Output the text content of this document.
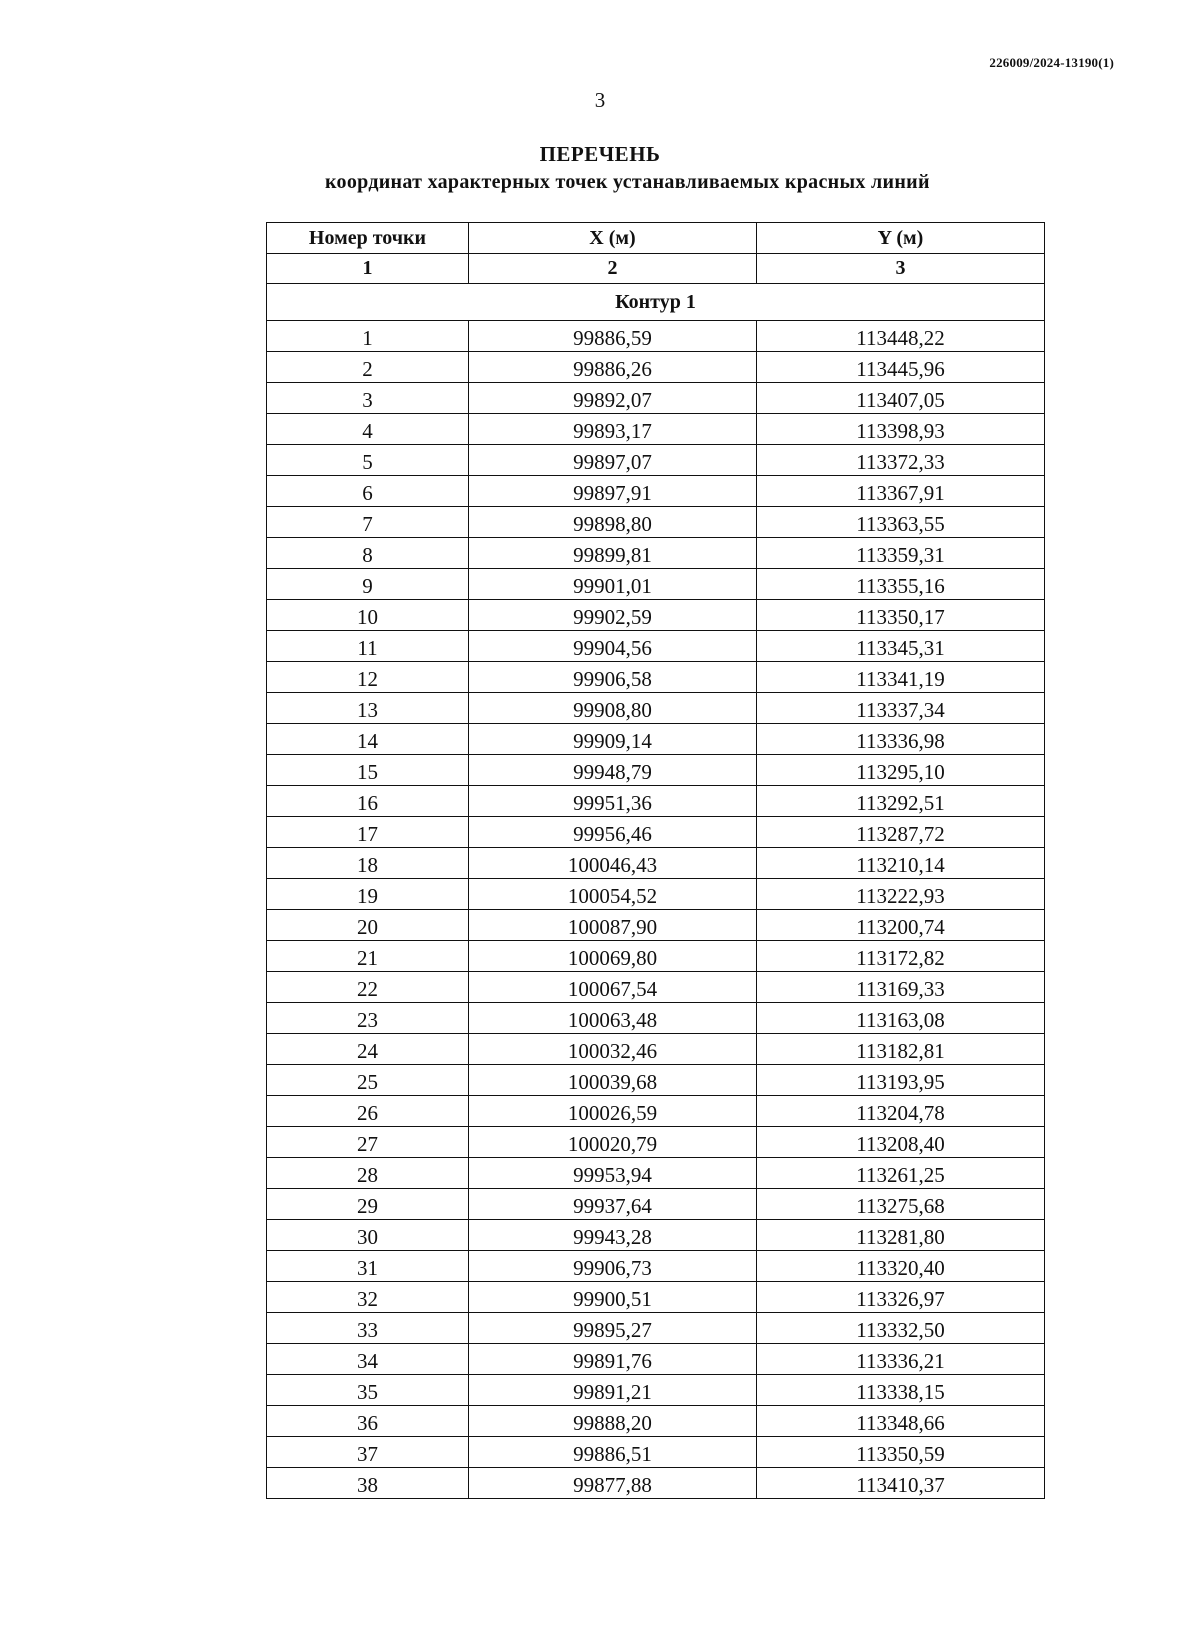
226009/2024-13190(1)
3
ПЕРЕЧЕНЬ
координат характерных точек устанавливаемых красных линий
Номер точки	X (м)	Y (м)
1	2	3
Контур 1		
1	99886,59	113448,22
2	99886,26	113445,96
3	99892,07	113407,05
4	99893,17	113398,93
5	99897,07	113372,33
6	99897,91	113367,91
7	99898,80	113363,55
8	99899,81	113359,31
9	99901,01	113355,16
10	99902,59	113350,17
11	99904,56	113345,31
12	99906,58	113341,19
13	99908,80	113337,34
14	99909,14	113336,98
15	99948,79	113295,10
16	99951,36	113292,51
17	99956,46	113287,72
18	100046,43	113210,14
19	100054,52	113222,93
20	100087,90	113200,74
21	100069,80	113172,82
22	100067,54	113169,33
23	100063,48	113163,08
24	100032,46	113182,81
25	100039,68	113193,95
26	100026,59	113204,78
27	100020,79	113208,40
28	99953,94	113261,25
29	99937,64	113275,68
30	99943,28	113281,80
31	99906,73	113320,40
32	99900,51	113326,97
33	99895,27	113332,50
34	99891,76	113336,21
35	99891,21	113338,15
36	99888,20	113348,66
37	99886,51	113350,59
38	99877,88	113410,37
